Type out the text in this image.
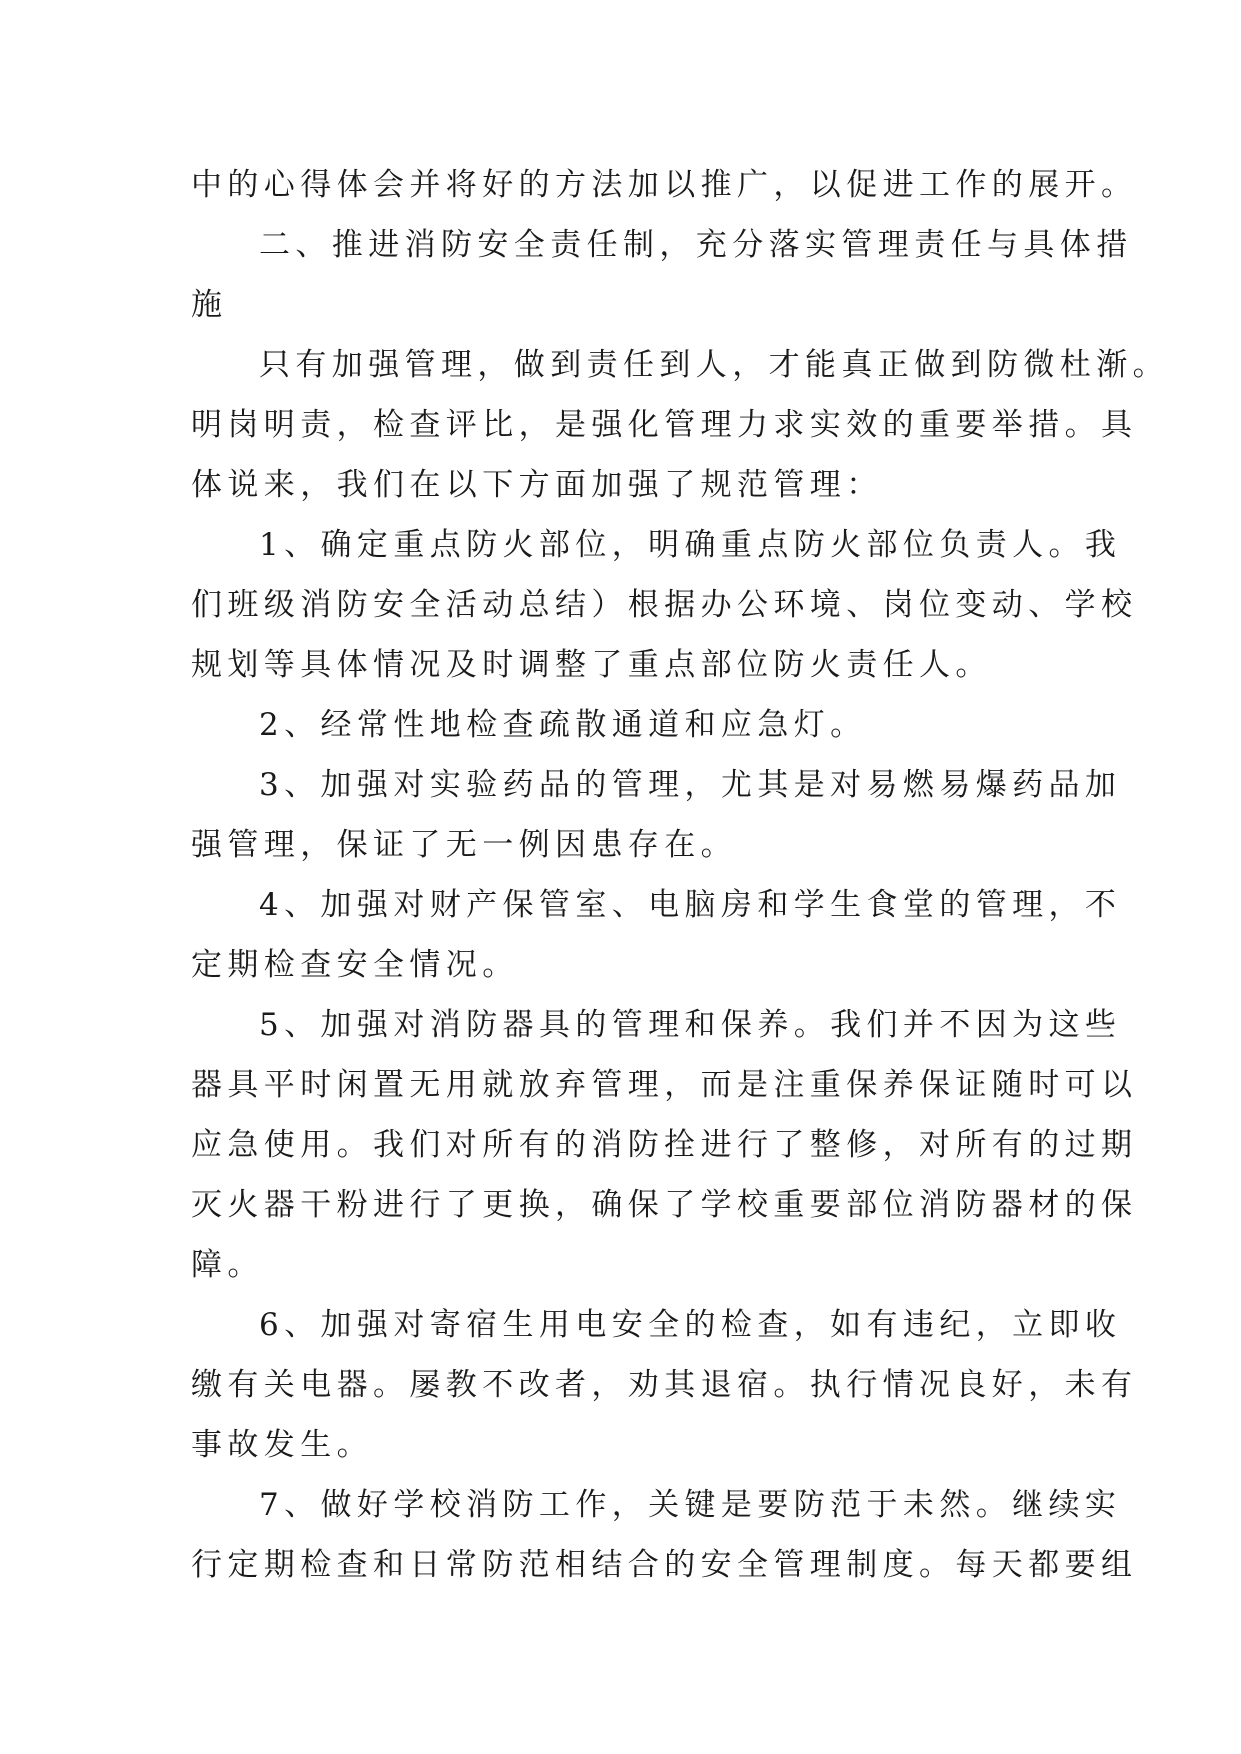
中的心得体会并将好的方法加以推广，以促进工作的展开。
二、推进消防安全责任制，充分落实管理责任与具体措
施
只有加强管理，做到责任到人，才能真正做到防微杜渐。
明岗明责，检查评比，是强化管理力求实效的重要举措。具
体说来，我们在以下方面加强了规范管理：
1、确定重点防火部位，明确重点防火部位负责人。我
们班级消防安全活动总结）根据办公环境、岗位变动、学校
规划等具体情况及时调整了重点部位防火责任人。
2、经常性地检查疏散通道和应急灯。
3、加强对实验药品的管理，尤其是对易燃易爆药品加
强管理，保证了无一例因患存在。
4、加强对财产保管室、电脑房和学生食堂的管理，不
定期检查安全情况。
5、加强对消防器具的管理和保养。我们并不因为这些
器具平时闲置无用就放弃管理，而是注重保养保证随时可以
应急使用。我们对所有的消防拴进行了整修，对所有的过期
灭火器干粉进行了更换，确保了学校重要部位消防器材的保
障。
6、加强对寄宿生用电安全的检查，如有违纪，立即收
缴有关电器。屡教不改者，劝其退宿。执行情况良好，未有
事故发生。
7、做好学校消防工作，关键是要防范于未然。继续实
行定期检查和日常防范相结合的安全管理制度。每天都要组
